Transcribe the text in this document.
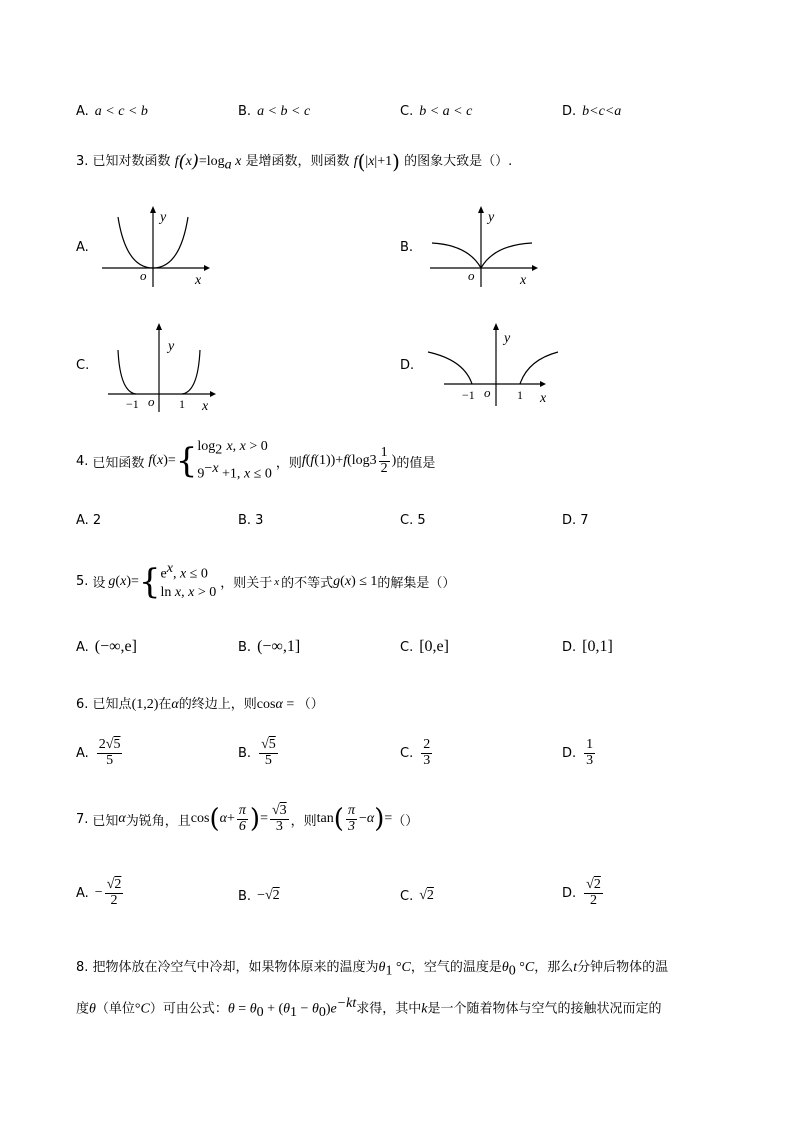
A. a < c < b	B. a < b < c	C. b < a < c	D. b<c<a
3. 已知对数函数 $f(x)=\log_a$ x 是增函数，则函数 f(|x|+1) 的图象大致是（）.
A.
y
o	x
B.
y
o	x
C.
y
−1 o 1 x
D.
y
−1 o 1 x
4. 已知函数 f ( x )= { $\log_2 x$, x > 0
$9^{-x} +1$, x ≤ 0
，则 f ( f (1))+ f (log $3 \frac{1}{2}$ ) 的值是
A. 2	B. 3	C. 5	D. 7
5. 设 g ( x )= { $e^x$, x ≤ 0
ln x, x > 0
，则关于 x 的不等式 g ( x ) ≤ 1 的解集是（）
A. (−∞,e]	B. (−∞,1]	C. [0,e]	D. [0,1]
6. 已知点(1,2)在α的终边上，则cosα = （）
A. $\frac{2√5}{5}$	B. $\frac{√5}{5}$	C. $\frac{2}{3}$	D. $\frac{1}{3}$
7. 已知 α 为锐角，且 cos ( $\alpha + \frac{\pi}{6}$ ) = $\frac{√3}{3}$ ，则 tan ( $\frac{\pi}{3} - \alpha$ ) = （）
A. − $\frac{√2}{2}$	B. −√2	C. √2	D. $\frac{√2}{2}$
8. 把物体放在冷空气中冷却，如果物体原来的温度为$\theta_1$ °C，空气的温度是$\theta_0$ °C，那么t分钟后物体的温
度θ（单位°C）可由公式：$\theta = \theta_0 + (\theta_1 - \theta_0)e^{-kt}$求得，其中k是一个随着物体与空气的接触状况而定的
